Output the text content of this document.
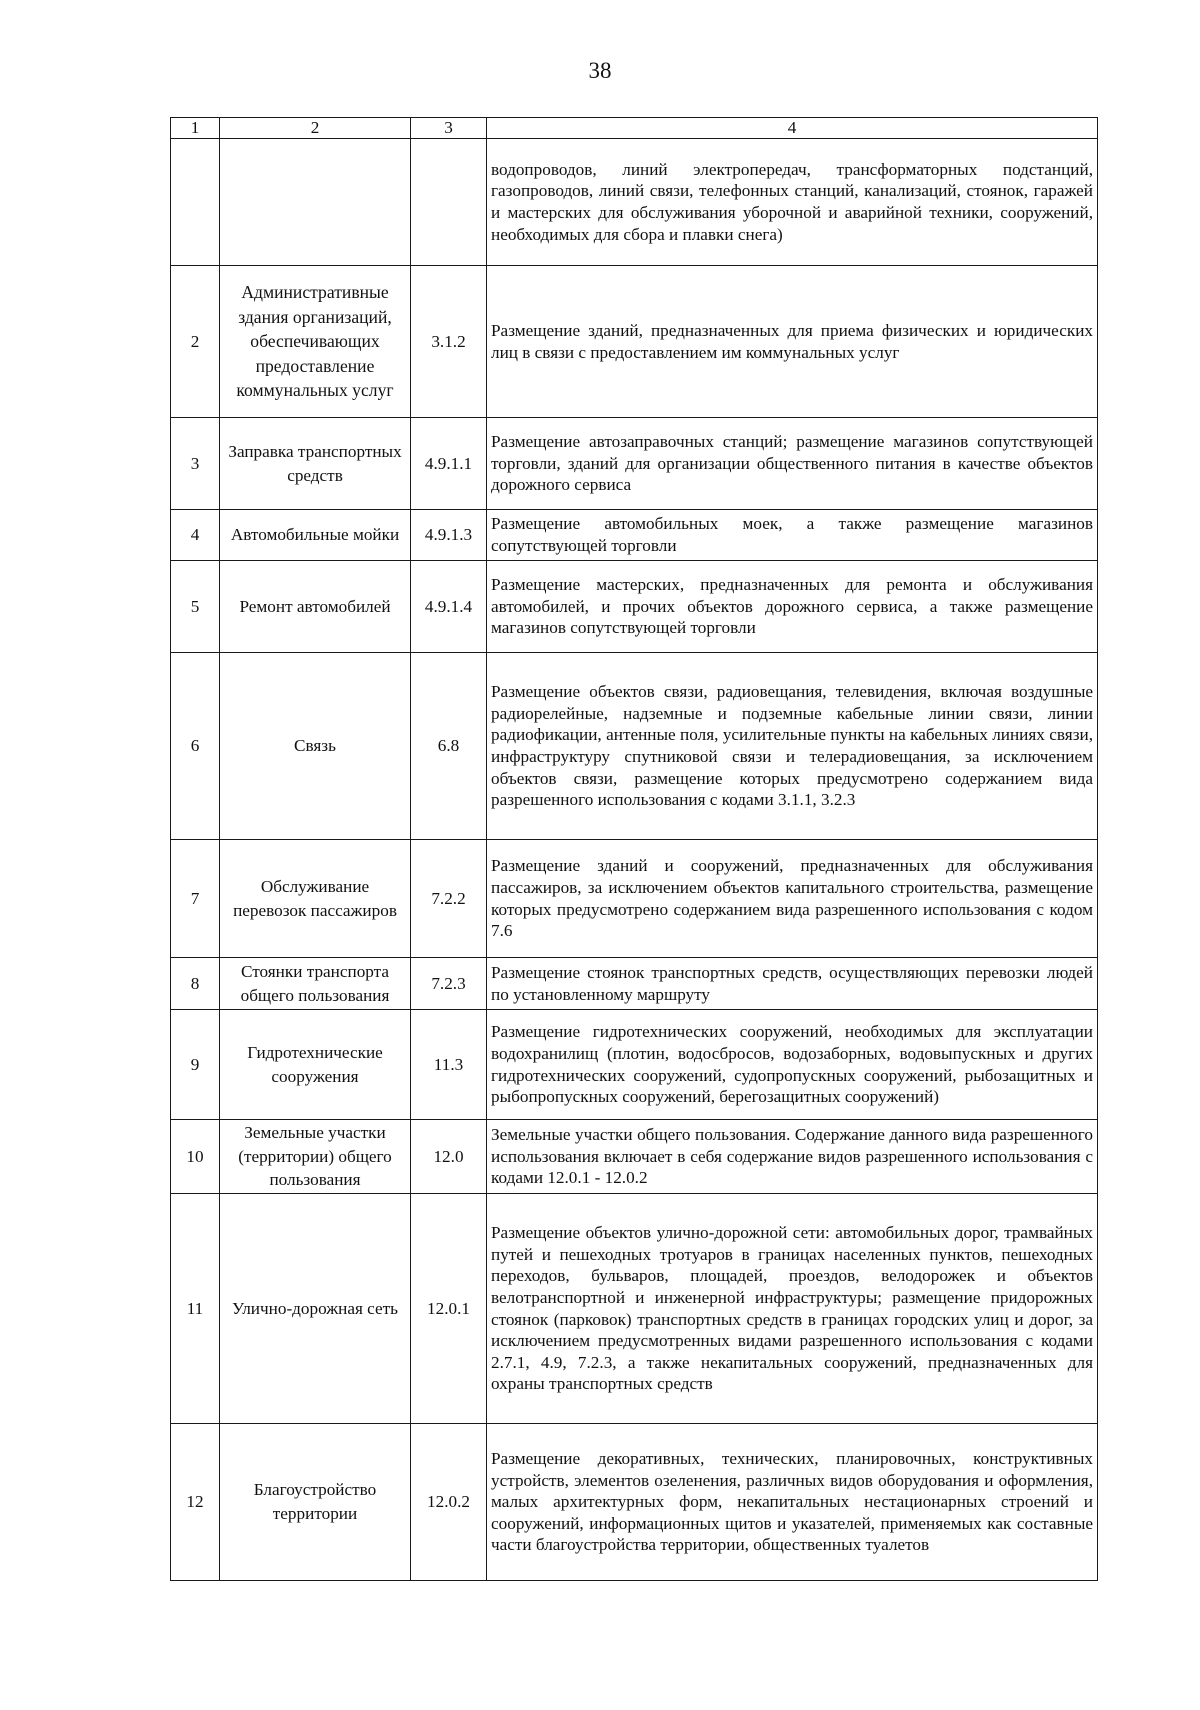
38
1	2	3	4
			водопроводов, линий электропередач, трансформаторных подстанций, газопроводов, линий связи, телефонных станций, канализаций, стоянок, гаражей и мастерских для обслуживания уборочной и аварийной техники, сооружений, необходимых для сбора и плавки снега)
2	Административные здания организаций, обеспечивающих предоставление коммунальных услуг	3.1.2	Размещение зданий, предназначенных для приема физических и юридических лиц в связи с предоставлением им коммунальных услуг
3	Заправка транспортных средств	4.9.1.1	Размещение автозаправочных станций; размещение магазинов сопутствующей торговли, зданий для организации общественного питания в качестве объектов дорожного сервиса
4	Автомобильные мойки	4.9.1.3	Размещение автомобильных моек, а также размещение магазинов сопутствующей торговли
5	Ремонт автомобилей	4.9.1.4	Размещение мастерских, предназначенных для ремонта и обслуживания автомобилей, и прочих объектов дорожного сервиса, а также размещение магазинов сопутствующей торговли
6	Связь	6.8	Размещение объектов связи, радиовещания, телевидения, включая воздушные радиорелейные, надземные и подземные кабельные линии связи, линии радиофикации, антенные поля, усилительные пункты на кабельных линиях связи, инфраструктуру спутниковой связи и телерадиовещания, за исключением объектов связи, размещение которых предусмотрено содержанием вида разрешенного использования с кодами 3.1.1, 3.2.3
7	Обслуживание перевозок пассажиров	7.2.2	Размещение зданий и сооружений, предназначенных для обслуживания пассажиров, за исключением объектов капитального строительства, размещение которых предусмотрено содержанием вида разрешенного использования с кодом 7.6
8	Стоянки транспорта общего пользования	7.2.3	Размещение стоянок транспортных средств, осуществляющих перевозки людей по установленному маршруту
9	Гидротехнические сооружения	11.3	Размещение гидротехнических сооружений, необходимых для эксплуатации водохранилищ (плотин, водосбросов, водозаборных, водовыпускных и других гидротехнических сооружений, судопропускных сооружений, рыбозащитных и рыбопропускных сооружений, берегозащитных сооружений)
10	Земельные участки (территории) общего пользования	12.0	Земельные участки общего пользования. Содержание данного вида разрешенного использования включает в себя содержание видов разрешенного использования с кодами 12.0.1 - 12.0.2
11	Улично-дорожная сеть	12.0.1	Размещение объектов улично-дорожной сети: автомобильных дорог, трамвайных путей и пешеходных тротуаров в границах населенных пунктов, пешеходных переходов, бульваров, площадей, проездов, велодорожек и объектов велотранспортной и инженерной инфраструктуры; размещение придорожных стоянок (парковок) транспортных средств в границах городских улиц и дорог, за исключением предусмотренных видами разрешенного использования с кодами 2.7.1, 4.9, 7.2.3, а также некапитальных сооружений, предназначенных для охраны транспортных средств
12	Благоустройство территории	12.0.2	Размещение декоративных, технических, планировочных, конструктивных устройств, элементов озеленения, различных видов оборудования и оформления, малых архитектурных форм, некапитальных нестационарных строений и сооружений, информационных щитов и указателей, применяемых как составные части благоустройства территории, общественных туалетов
